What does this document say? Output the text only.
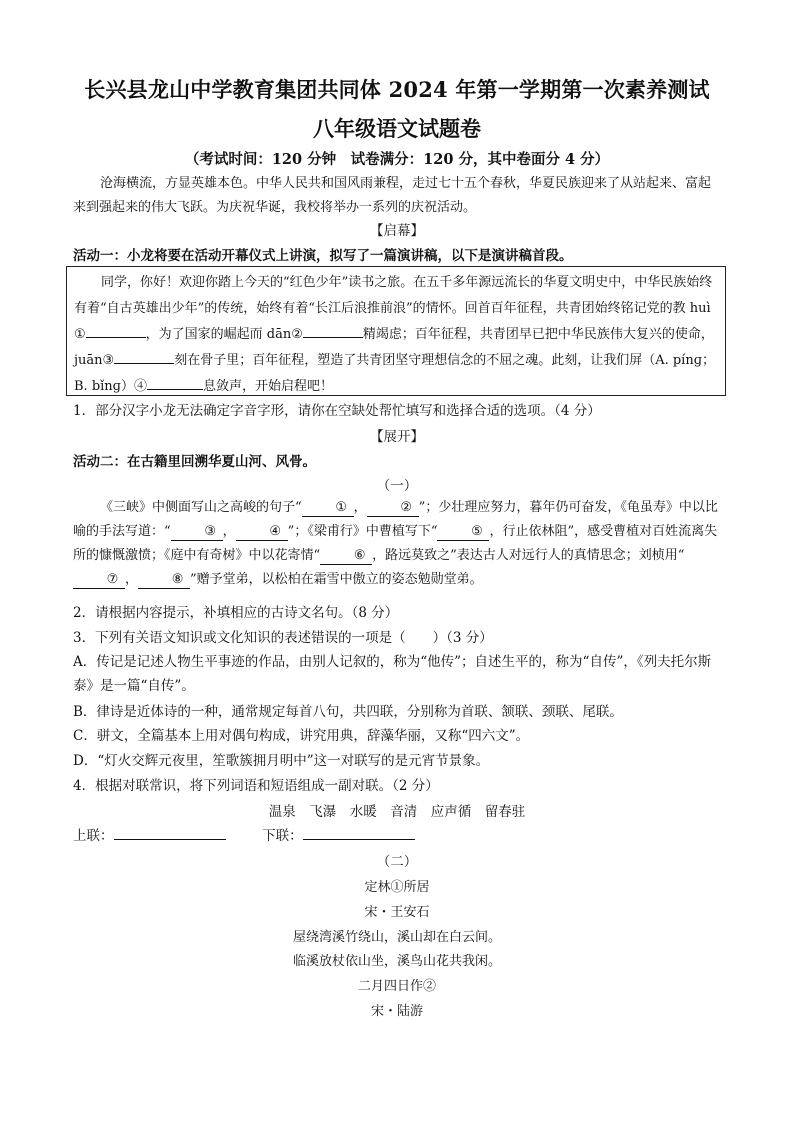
长兴县龙山中学教育集团共同体 2024 年第一学期第一次素养测试
八年级语文试题卷
（考试时间：120 分钟　试卷满分：120 分，其中卷面分 4 分）
沧海横流，方显英雄本色。中华人民共和国风雨兼程，走过七十五个春秋，华夏民族迎来了从站起来、富起来到强起来的伟大飞跃。为庆祝华诞，我校将举办一系列的庆祝活动。
【启幕】
活动一：小龙将要在活动开幕仪式上讲演，拟写了一篇演讲稿，以下是演讲稿首段。
同学，你好！欢迎你踏上今天的“红色少年”读书之旅。在五千多年源远流长的华夏文明史中，中华民族始终有着“自古英雄出少年”的传统，始终有着“长江后浪推前浪”的情怀。回首百年征程，共青团始终铭记党的教 huì ①	，为了国家的崛起而 dān②	精竭虑；百年征程，共青团早已把中华民族伟大复兴的使命，juān③	刻在骨子里；百年征程，塑造了共青团坚守理想信念的不屈之魂。此刻，让我们屏（A. pínɡ；B. bǐnɡ）④	息敛声，开始启程吧！
1．部分汉字小龙无法确定字音字形，请你在空缺处帮忙填写和选择合适的选项。（4 分）
【展开】
活动二：在古籍里回溯华夏山河、风骨。
（一）
《三峡》中侧面写山之高峻的句子“	① ，	② ”；少壮理应努力，暮年仍可奋发，《龟虽寿》中以比喻的手法写道：“	③ ，	④ ”；《梁甫行》中曹植写下“	⑤ ，行止依林阻”，感受曹植对百姓流离失所的慷慨激愤；《庭中有奇树》中以花寄情“	⑥ ，路远莫致之”表达古人对远行人的真情思念；刘桢用“⑦ ，	⑧ ”赠予堂弟，以松柏在霜雪中傲立的姿态勉勋堂弟。
2．请根据内容提示，补填相应的古诗文名句。（8 分）
3．下列有关语文知识或文化知识的表述错误的一项是（　　）（3 分）
A．传记是记述人物生平事迹的作品，由别人记叙的，称为“他传”；自述生平的，称为“自传”，《列夫托尔斯泰》是一篇“自传”。
B．律诗是近体诗的一种，通常规定每首八句，共四联，分别称为首联、颔联、颈联、尾联。
C．骈文，全篇基本上用对偶句构成，讲究用典，辞藻华丽，又称“四六文”。
D．“灯火交辉元夜里，笙歌簇拥月明中”这一对联写的是元宵节景象。
4．根据对联常识，将下列词语和短语组成一副对联。（2 分）
温泉　飞瀑　水暖　音清　应声循　留春驻
上联：	下联：
（二）
定林①所居
宋・王安石
屋绕湾溪竹绕山，溪山却在白云间。
临溪放杖依山坐，溪鸟山花共我闲。
二月四日作②
宋・陆游
